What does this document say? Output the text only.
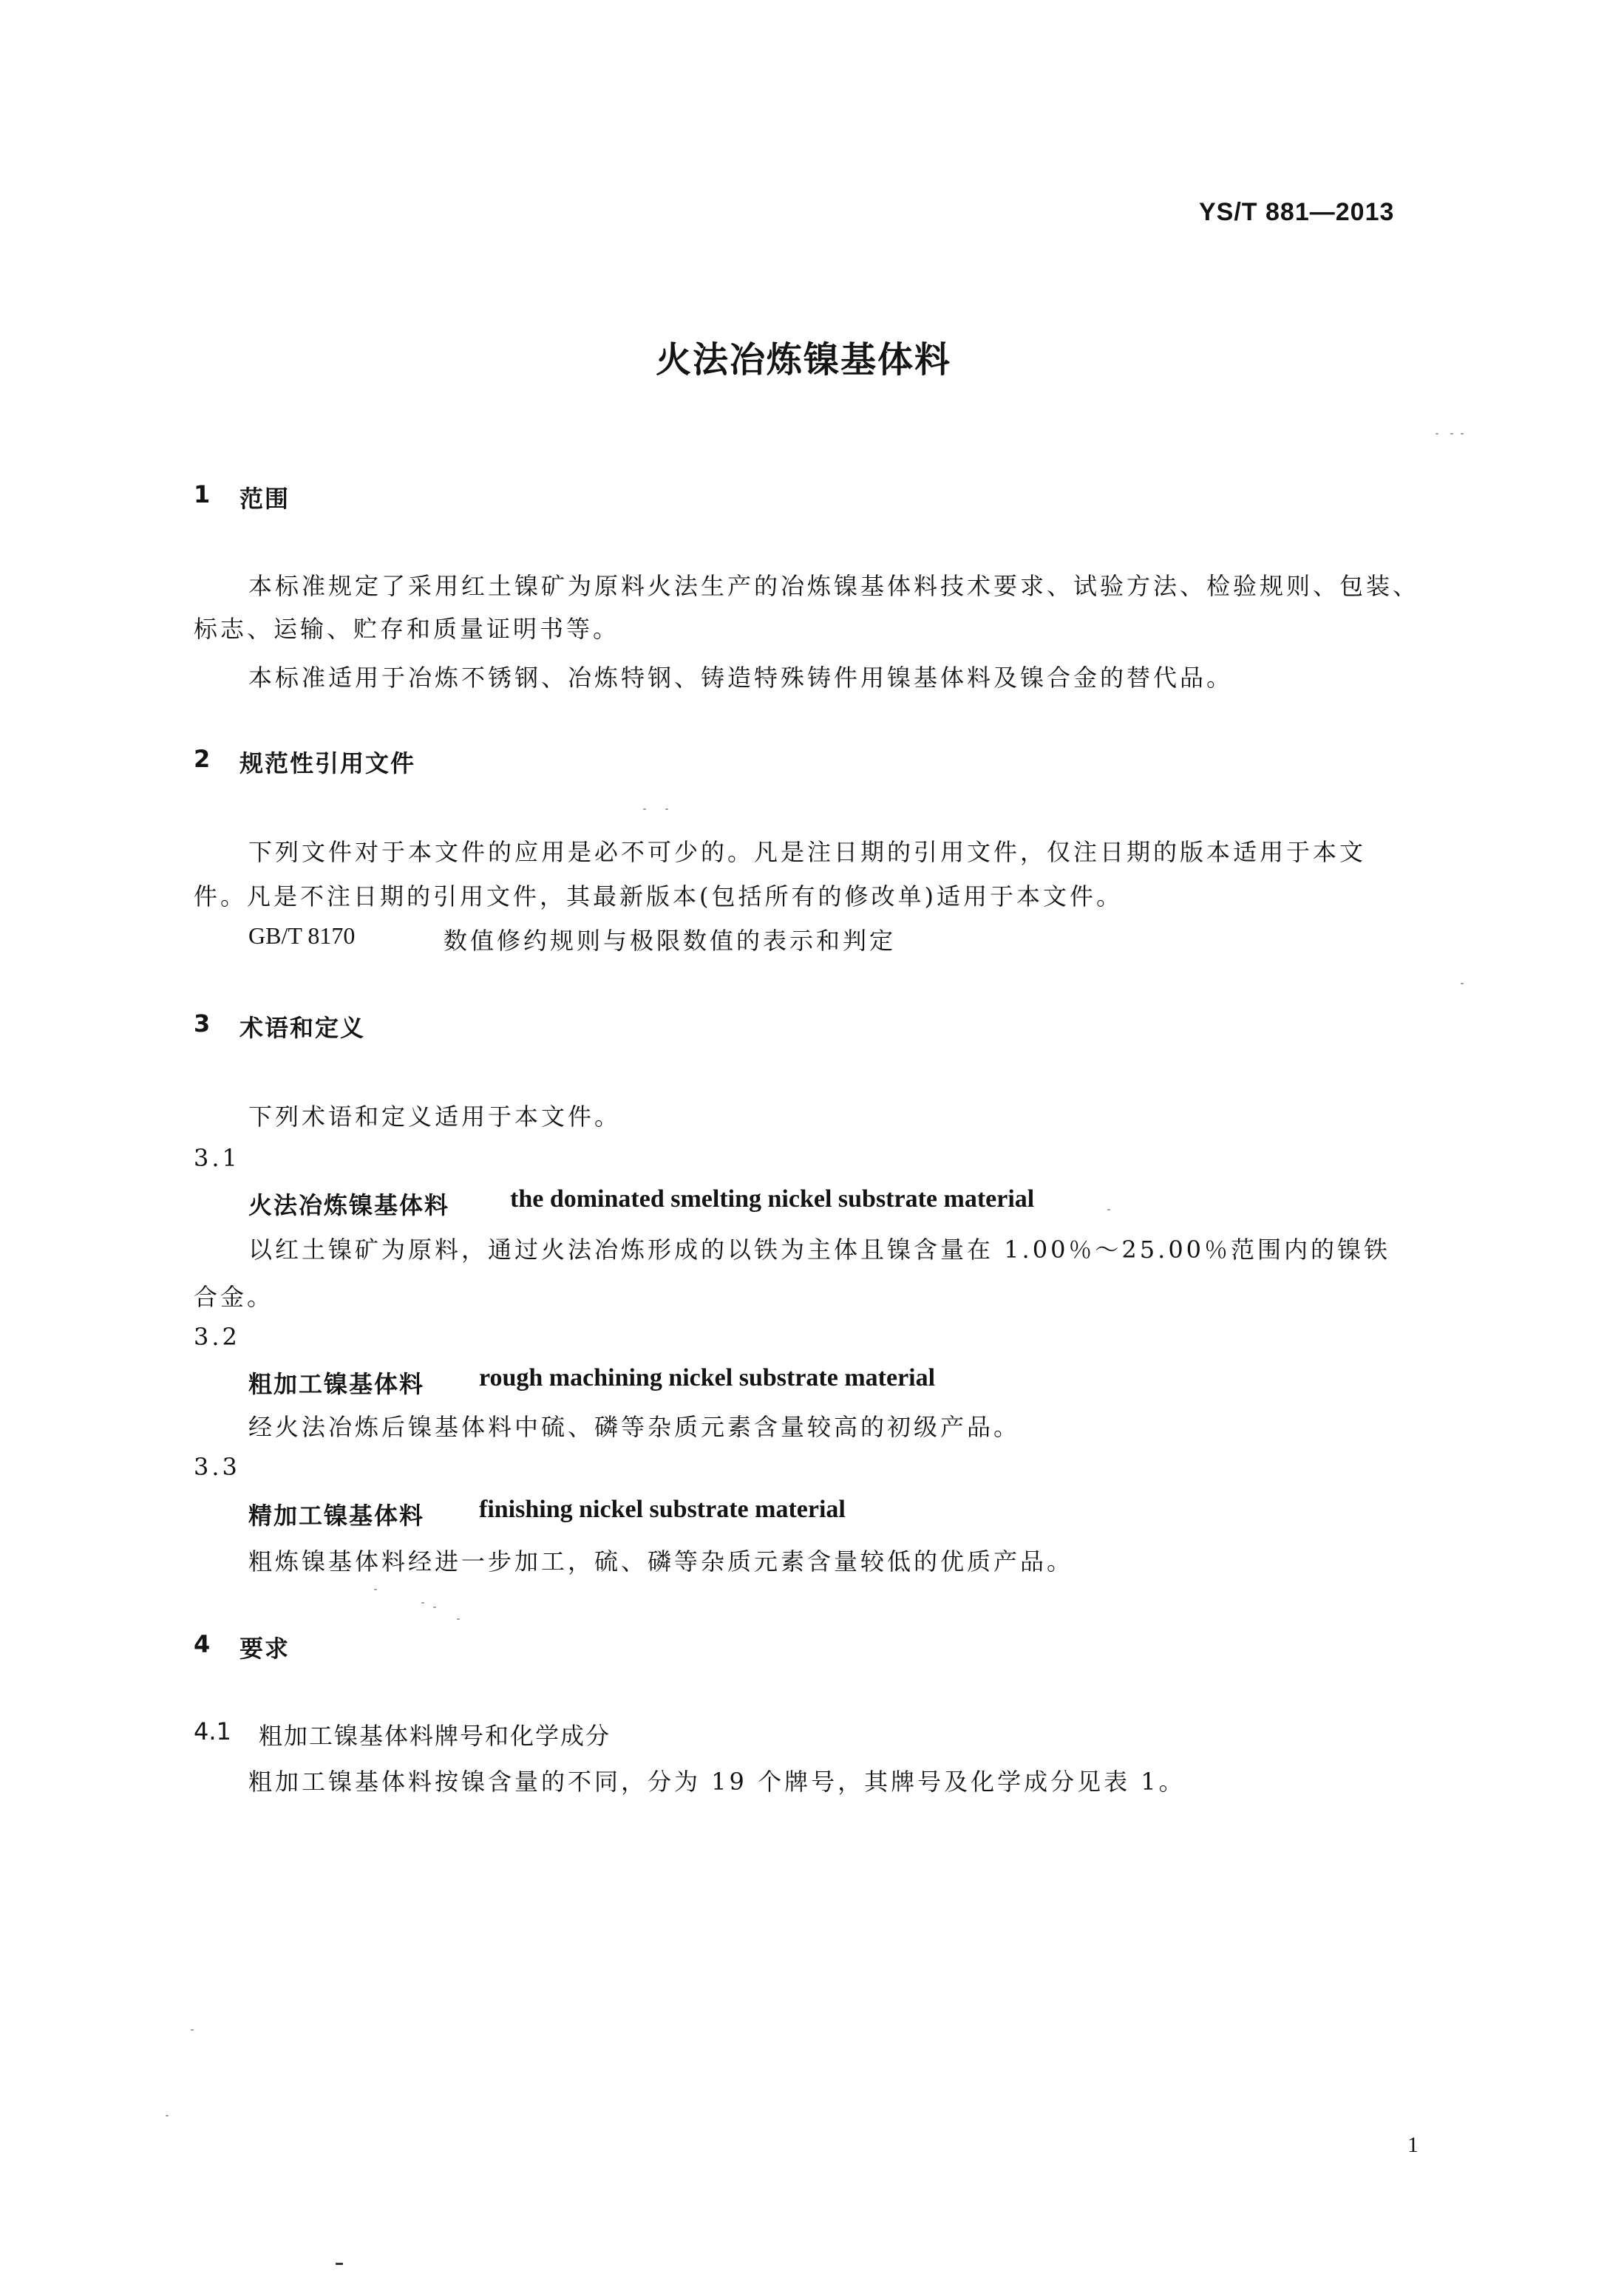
YS/T 881—2013
火法冶炼镍基体料
1 范围
本标准规定了采用红土镍矿为原料火法生产的冶炼镍基体料技术要求、试验方法、检验规则、包装、
标志、运输、贮存和质量证明书等。
本标准适用于冶炼不锈钢、冶炼特钢、铸造特殊铸件用镍基体料及镍合金的替代品。
2 规范性引用文件
下列文件对于本文件的应用是必不可少的。凡是注日期的引用文件，仅注日期的版本适用于本文
件。凡是不注日期的引用文件，其最新版本(包括所有的修改单)适用于本文件。
GB/T 8170	数值修约规则与极限数值的表示和判定
3 术语和定义
下列术语和定义适用于本文件。
3.1
火法冶炼镍基体料 the dominated smelting nickel substrate material
以红土镍矿为原料，通过火法冶炼形成的以铁为主体且镍含量在 1.00％～25.00％范围内的镍铁
合金。
3.2
粗加工镍基体料 rough machining nickel substrate material
经火法冶炼后镍基体料中硫、磷等杂质元素含量较高的初级产品。
3.3
精加工镍基体料 finishing nickel substrate material
粗炼镍基体料经进一步加工，硫、磷等杂质元素含量较低的优质产品。
4 要求
4.1 粗加工镍基体料牌号和化学成分
粗加工镍基体料按镍含量的不同，分为 19 个牌号，其牌号及化学成分见表 1。
1
